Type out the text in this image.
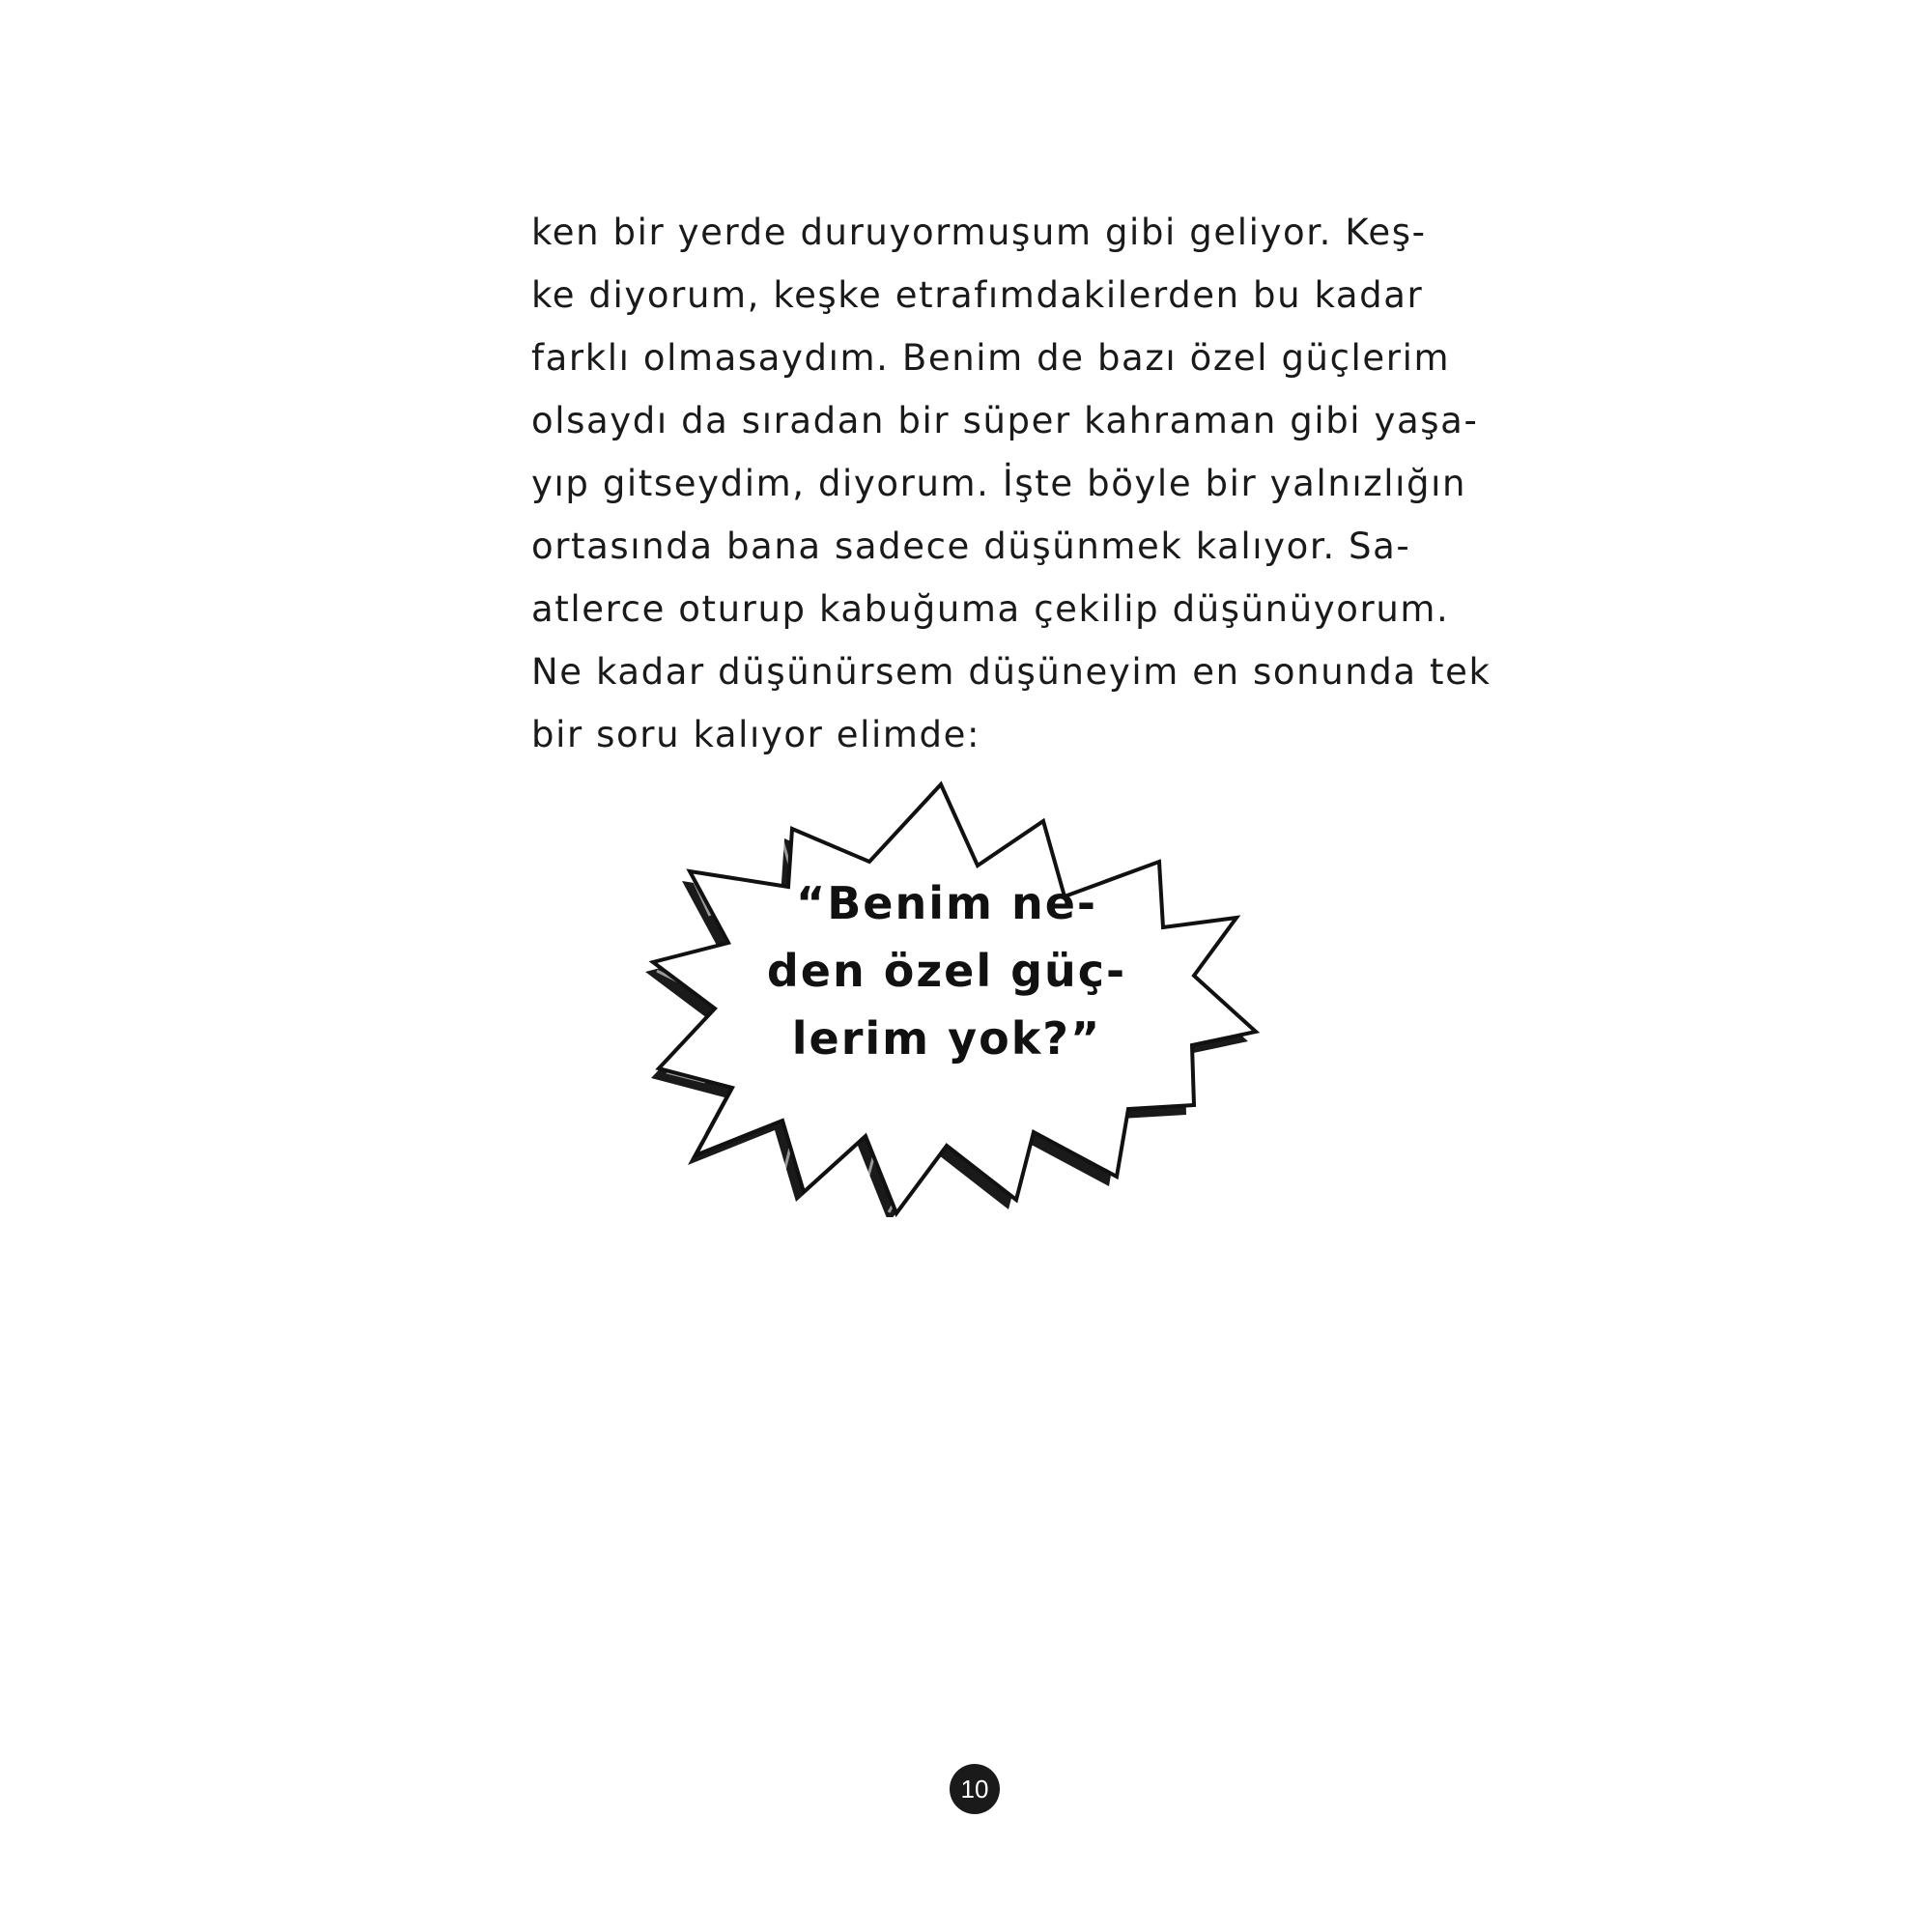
ken bir yerde duruyormuşum gibi geliyor. Keş-
ke diyorum, keşke etrafımdakilerden bu kadar
farklı olmasaydım. Benim de bazı özel güçlerim
olsaydı da sıradan bir süper kahraman gibi yaşa-
yıp gitseydim, diyorum. İşte böyle bir yalnızlığın
ortasında bana sadece düşünmek kalıyor. Sa-
atlerce oturup kabuğuma çekilip düşünüyorum.
Ne kadar düşünürsem düşüneyim en sonunda tek
bir soru kalıyor elimde:
“Benim ne-
den özel güç-
lerim yok?”
10
